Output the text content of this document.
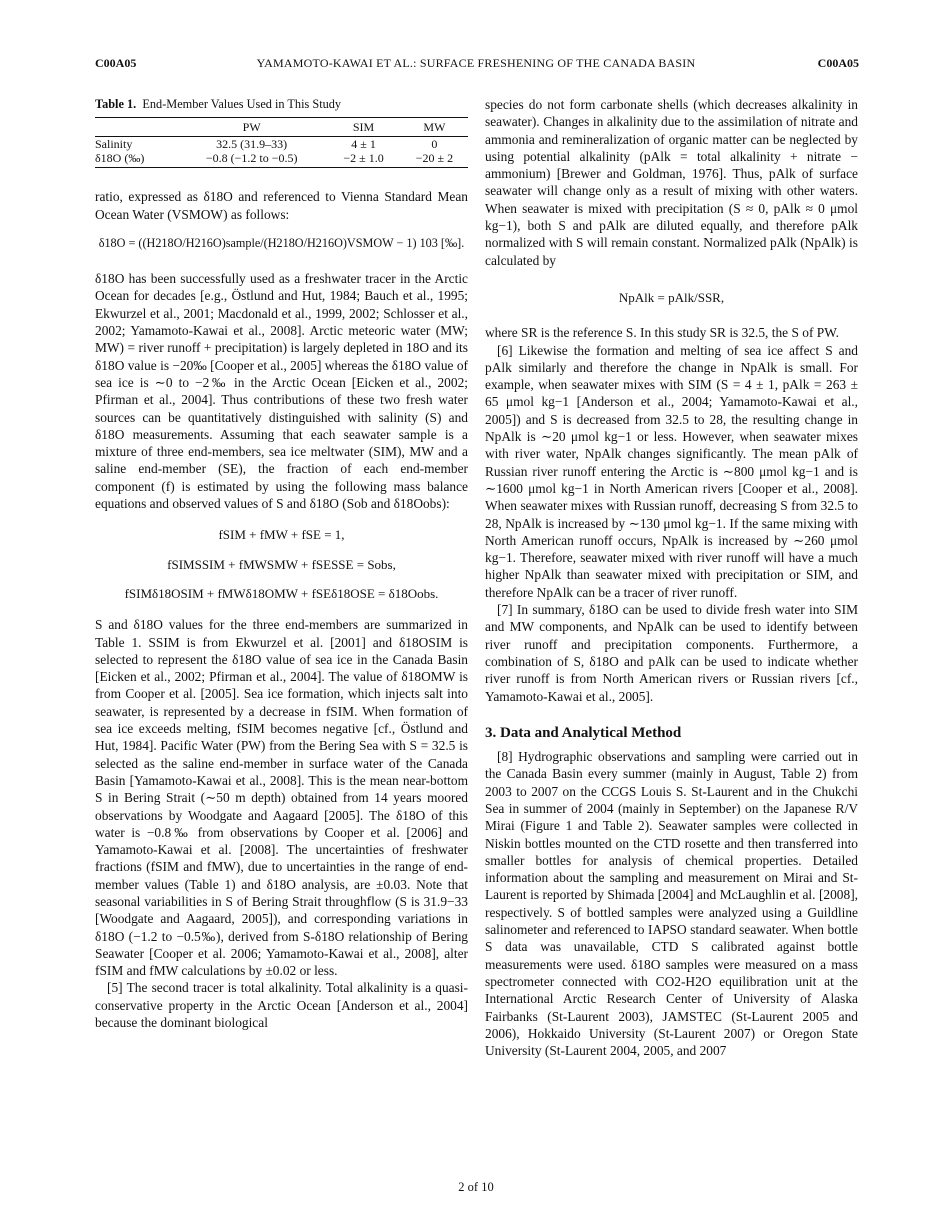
C00A05	YAMAMOTO-KAWAI ET AL.: SURFACE FRESHENING OF THE CANADA BASIN	C00A05
Table 1. End-Member Values Used in This Study
	PW	SIM	MW
Salinity	32.5 (31.9–33)	4 ± 1	0
δ18O (‰)	−0.8 (−1.2 to −0.5)	−2 ± 1.0	−20 ± 2

ratio, expressed as δ18O and referenced to Vienna Standard Mean Ocean Water (VSMOW) as follows:

δ18O = ((H218O/H216O)sample/(H218O/H216O)VSMOW − 1) 103 [‰].

δ18O has been successfully used as a freshwater tracer in the Arctic Ocean for decades [e.g., Östlund and Hut, 1984; Bauch et al., 1995; Ekwurzel et al., 2001; Macdonald et al., 1999, 2002; Schlosser et al., 2002; Yamamoto-Kawai et al., 2008]. Arctic meteoric water (MW; MW) = river runoff + precipitation) is largely depleted in 18O and its δ18O value is −20‰ [Cooper et al., 2005] whereas the δ18O value of sea ice is ∼0 to −2‰ in the Arctic Ocean [Eicken et al., 2002; Pfirman et al., 2004]. Thus contributions of these two fresh water sources can be quantitatively distinguished with salinity (S) and δ18O measurements. Assuming that each seawater sample is a mixture of three end-members, sea ice meltwater (SIM), MW and a saline end-member (SE), the fraction of each end-member component (f) is estimated by using the following mass balance equations and observed values of S and δ18O (Sob and δ18Oobs):

fSIM + fMW + fSE = 1,
fSIMSSIM + fMWSMW + fSESSE = Sobs,
fSIMδ18OSIM + fMWδ18OMW + fSEδ18OSE = δ18Oobs.

S and δ18O values for the three end-members are summarized in Table 1. SSIM is from Ekwurzel et al. [2001] and δ18OSIM is selected to represent the δ18O value of sea ice in the Canada Basin [Eicken et al., 2002; Pfirman et al., 2004]. The value of δ18OMW is from Cooper et al. [2005]. Sea ice formation, which injects salt into seawater, is represented by a decrease in fSIM. When formation of sea ice exceeds melting, fSIM becomes negative [cf., Östlund and Hut, 1984]. Pacific Water (PW) from the Bering Sea with S = 32.5 is selected as the saline end-member in surface water of the Canada Basin [Yamamoto-Kawai et al., 2008]. This is the mean near-bottom S in Bering Strait (∼50 m depth) obtained from 14 years moored observations by Woodgate and Aagaard [2005]. The δ18O of this water is −0.8‰ from observations by Cooper et al. [2006] and Yamamoto-Kawai et al. [2008]. The uncertainties of freshwater fractions (fSIM and fMW), due to uncertainties in the range of end-member values (Table 1) and δ18O analysis, are ±0.03. Note that seasonal variabilities in S of Bering Strait throughflow (S is 31.9−33 [Woodgate and Aagaard, 2005]), and corresponding variations in δ18O (−1.2 to −0.5‰), derived from S-δ18O relationship of Bering Seawater [Cooper et al. 2006; Yamamoto-Kawai et al., 2008], alter fSIM and fMW calculations by ±0.02 or less.

[5] The second tracer is total alkalinity. Total alkalinity is a quasi-conservative property in the Arctic Ocean [Anderson et al., 2004] because the dominant biological

species do not form carbonate shells (which decreases alkalinity in seawater). Changes in alkalinity due to the assimilation of nitrate and ammonia and remineralization of organic matter can be neglected by using potential alkalinity (pAlk = total alkalinity + nitrate − ammonium) [Brewer and Goldman, 1976]. Thus, pAlk of surface seawater will change only as a result of mixing with other waters. When seawater is mixed with precipitation (S ≈ 0, pAlk ≈ 0 μmol kg−1), both S and pAlk are diluted equally, and therefore pAlk normalized with S will remain constant. Normalized pAlk (NpAlk) is calculated by

NpAlk = pAlk/SSR,

where SR is the reference S. In this study SR is 32.5, the S of PW.

[6] Likewise the formation and melting of sea ice affect S and pAlk similarly and therefore the change in NpAlk is small. For example, when seawater mixes with SIM (S = 4 ± 1, pAlk = 263 ± 65 μmol kg−1 [Anderson et al., 2004; Yamamoto-Kawai et al., 2005]) and S is decreased from 32.5 to 28, the resulting change in NpAlk is ∼20 μmol kg−1 or less. However, when seawater mixes with river water, NpAlk changes significantly. The mean pAlk of Russian river runoff entering the Arctic is ∼800 μmol kg−1 and is ∼1600 μmol kg−1 in North American rivers [Cooper et al., 2008]. When seawater mixes with Russian runoff, decreasing S from 32.5 to 28, NpAlk is increased by ∼130 μmol kg−1. If the same mixing with North American runoff occurs, NpAlk is increased by ∼260 μmol kg−1. Therefore, seawater mixed with river runoff will have a much higher NpAlk than seawater mixed with precipitation or SIM, and therefore NpAlk can be a tracer of river runoff.

[7] In summary, δ18O can be used to divide fresh water into SIM and MW components, and NpAlk can be used to identify between river runoff and precipitation components. Furthermore, a combination of S, δ18O and pAlk can be used to indicate whether river runoff is from North American rivers or Russian rivers [cf., Yamamoto-Kawai et al., 2005].

3. Data and Analytical Method

[8] Hydrographic observations and sampling were carried out in the Canada Basin every summer (mainly in August, Table 2) from 2003 to 2007 on the CCGS Louis S. St-Laurent and in the Chukchi Sea in summer of 2004 (mainly in September) on the Japanese R/V Mirai (Figure 1 and Table 2). Seawater samples were collected in Niskin bottles mounted on the CTD rosette and then transferred into smaller bottles for analysis of chemical properties. Detailed information about the sampling and measurement on Mirai and St-Laurent is reported by Shimada [2004] and McLaughlin et al. [2008], respectively. S of bottled samples were analyzed using a Guildline salinometer and referenced to IAPSO standard seawater. When bottle S data was unavailable, CTD S calibrated against bottle measurements were used. δ18O samples were measured on a mass spectrometer connected with CO2-H2O equilibration unit at the International Arctic Research Center of University of Alaska Fairbanks (St-Laurent 2003), JAMSTEC (St-Laurent 2005 and 2006), Hokkaido University (St-Laurent 2007) or Oregon State University (St-Laurent 2004, 2005, and 2007

2 of 10
